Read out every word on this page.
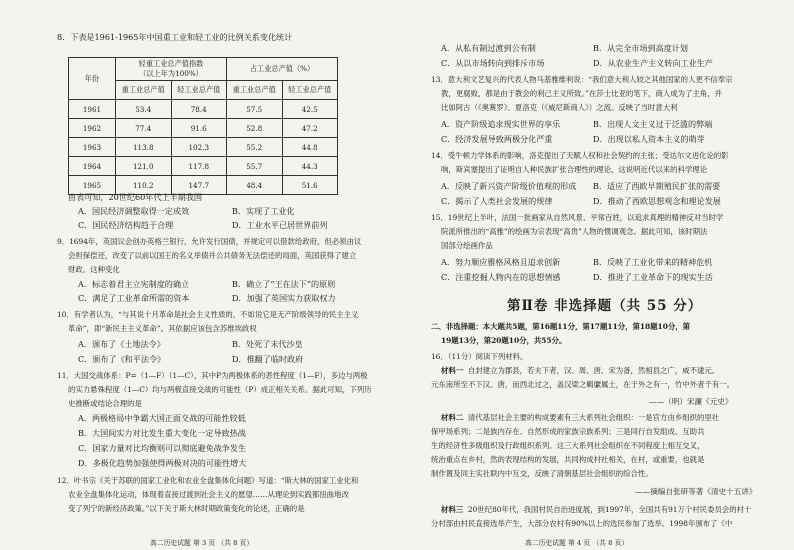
8．下表是1961-1965年中国重工业和轻工业的比例关系变化统计
年份	轻重工业总产值指数
（以上年为100%）		占工业总产值（%）	
	重工业总产值	轻工业总产值	重工业总产值	轻工业总产值
1961	53.4	78.4	57.5	42.5
1962	77.4	91.6	52.8	47.2
1963	113.8	102.3	55.2	44.8
1964	121.0	117.8	55.7	44.3
1965	110.2	147.7	48.4	51.6
由表可知，20世纪60年代上半期我国
A．国民经济调整取得一定成效	B．实现了工业化
C．国民经济结构趋于合理	D．工业水平已居世界前列
9．1694年，英国议会创办英格兰银行，允许发行国债，并规定可以借款给政府，但必须由议
会担保偿还，改变了以前以国王的名义举债并公共债务无法偿还的局面，英国获得了建立
财政。这种变化
A．标志着君主立宪制度的确立	B．确立了“王在法下”的原则
C．满足了工业革命所需的资本	D．加强了英国实力获取权力
10．有学者认为，“与其说十月革命是社会主义性质的，不如说它是无产阶级领导的民主主义
革命”，即“新民主主义革命”。其依据应该包含苏维埃政权
A．颁布了《土地法令》	B．处死了末代沙皇
C．颁布了《和平法令》	D．推翻了临时政府
11．大国交战体系：P=（1—F）（1—C），其中P为两极体系的恶性程度（1—F），多边与两极
的实力悬殊程度（1—C）均与两极直接交战的可能性（P）成正相关关系。据此可知，下列历
史推断或结论合理的是
A．两极格局中争霸大国正面交战的可能性较低
B．大国间实力对比发生重大变化一定导致热战
C．国家力量对比均衡则可以彻底避免战争发生
D．多极化趋势加强使得两极对决的可能性增大
12．叶书宗《关于苏联的国家工业化和农业全盘集体化问题》写道：“斯大林的国家工业化和
农业全盘集体化运动，体现着直接过渡到社会主义的愿望……从理论到实践都扭曲地改
变了列宁的新经济政策。”以下关于斯大林时期政策变化的论述，正确的是
高二历史试题 第 3 页 （共 8 页）
A．从私有制过渡到公有制	B．从完全市场到高度计划
C．从以市场转向到排斥市场	D．从农业生产主义转向工业生产
13．意大利文艺复兴的代表人物马基雅维利说：“我们意大利人较之其他国家的人更不信奉宗
教，更腐败，都是由于教会的利己主义所致。”在莎士比亚的笔下，商人成为了主角，并
比如阿古（《奥赛罗》、夏洛克（《威尼斯商人》）之流。反映了当时意大利
A．资产阶级追求现实世界的享乐	B．出现人文主义过于泛滥的弊端
C．经济发展导致两极分化严重	D．出现以私人资本主义的萌芽
14．受牛顿力学体系的影响，洛克提出了天赋人权和社会契约的主张；受达尔文进化论的影
响，斯宾塞提出了证明自人种民族扩张合理性的理论，这说明近代以来的科学理论
A．反映了新兴资产阶级价值观的形成 B．适应了西欧早期殖民扩张的需要
C．揭示了人类社会发展的规律	D．推动了西欧思想观念和理论发展
15．19世纪上半叶，法国一批画家从自然风景、平常百姓，以追求真理的精神反对当时学
院派所推出的“高雅”的绘画为宗表现“高贵”人物的惯调观念。据此可知，该时期法
国部分绘画作品
A．努力顺应雅格风格且追求创新	B．反映了工业化带来的精神危机
C．注重挖掘人物内在的思想情感	D．推进了工业革命下的现实生活
第Ⅱ卷 非选择题（共 55 分）
二、非选择题：本大题共5题，第16题11分，第17题11分，第18题10分，第
19题13分，第20题10分，共55分。
16．（11分）阅读下列材料。
材料一 自封建立为郡县，若夫下者，汉、周、唐、宋为备，然相县之广，威不逮元。
元东南所至不下汉、唐，而西北过之，盖汉梁之羁縻属土，在于外之有一，竹中外者千有一。
——（明）宋濂《元史》
材料二 清代基层社会主要的构成要素有三大系列社会组织：一是官方由乡组织的里社
保甲场系列；二是族内存在、自然形成的家族宗族系列；三是同行自发组成、互助共
生的经济性多级组织及行政组织系列。这三大系列社会组织在不同程度上相互交叉，
统治重点在乡村，然的表现结构的发展，共同构成村社相关，在村，或重要，也就是
制作置及同主实社联内中互交，反映了清朝基层社会组织的综合性。
——摘编自张研等著《清史十五讲》
材料三 20世纪80年代，我国村民自治进度展，到1997年，全国共有91万个村民委员会的村十
分村部由村民直接选举产生，大部分农村有90%以上的选民参加了选举。1998年颁布了《中
高二历史试题 第 4 页 （共 8 页）
